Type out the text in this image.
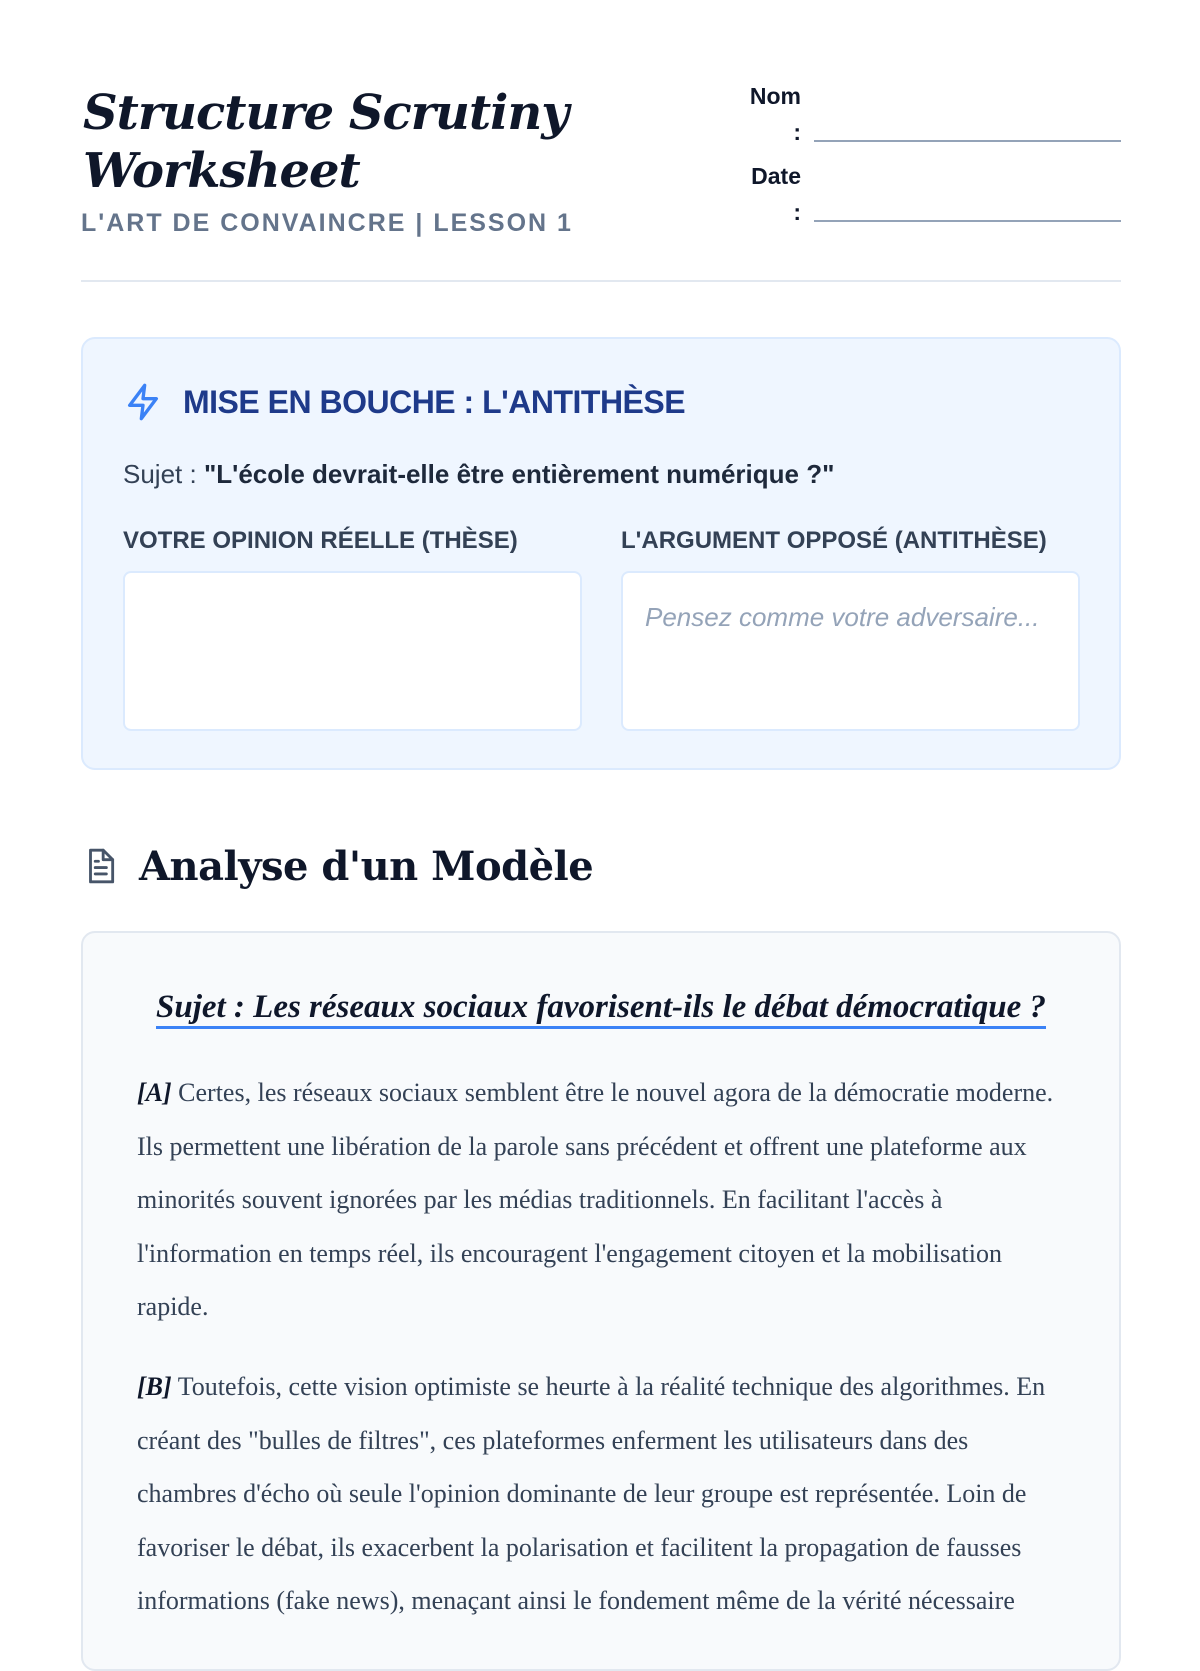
Structure Scrutiny Worksheet
L'ART DE CONVAINCRE | LESSON 1
Nom :
Date :
MISE EN BOUCHE : L'ANTITHÈSE
Sujet : "L'école devrait-elle être entièrement numérique ?"
VOTRE OPINION RÉELLE (THÈSE)	L'ARGUMENT OPPOSÉ (ANTITHÈSE)
Pensez comme votre adversaire...
Analyse d'un Modèle
Sujet : Les réseaux sociaux favorisent-ils le débat démocratique ?

[A] Certes, les réseaux sociaux semblent être le nouvel agora de la démocratie moderne. Ils permettent une libération de la parole sans précédent et offrent une plateforme aux minorités souvent ignorées par les médias traditionnels. En facilitant l'accès à l'information en temps réel, ils encouragent l'engagement citoyen et la mobilisation rapide.

[B] Toutefois, cette vision optimiste se heurte à la réalité technique des algorithmes. En créant des "bulles de filtres", ces plateformes enferment les utilisateurs dans des chambres d'écho où seule l'opinion dominante de leur groupe est représentée. Loin de favoriser le débat, ils exacerbent la polarisation et facilitent la propagation de fausses informations (fake news), menaçant ainsi le fondement même de la vérité nécessaire
